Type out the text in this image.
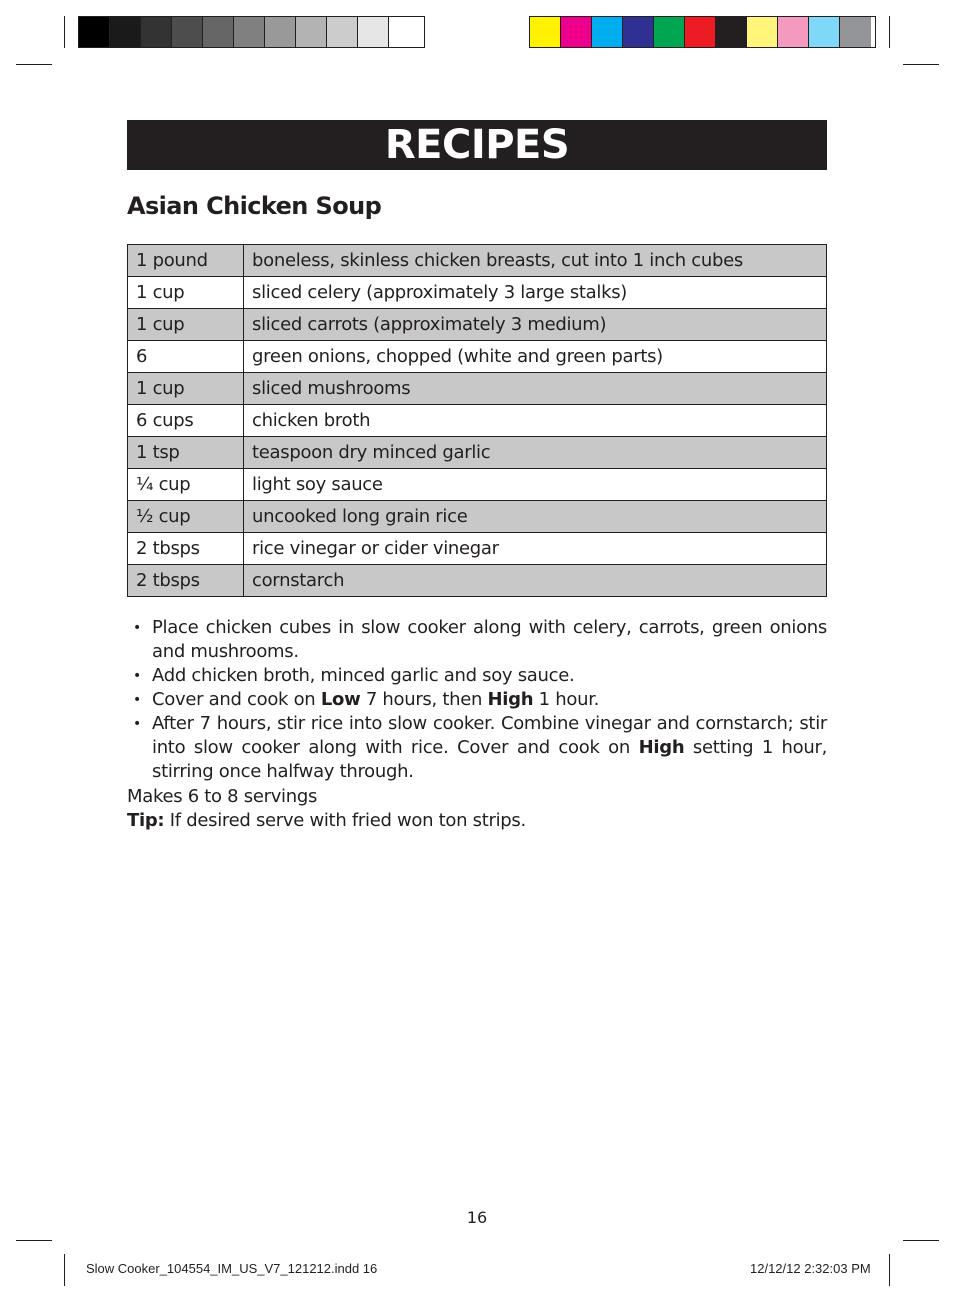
RECIPES
Asian Chicken Soup
1 pound	boneless, skinless chicken breasts, cut into 1 inch cubes
1 cup	sliced celery (approximately 3 large stalks)
1 cup	sliced carrots (approximately 3 medium)
6	green onions, chopped (white and green parts)
1 cup	sliced mushrooms
6 cups	chicken broth
1 tsp	teaspoon dry minced garlic
¼ cup	light soy sauce
½ cup	uncooked long grain rice
2 tbsps	rice vinegar or cider vinegar
2 tbsps	cornstarch
• Place chicken cubes in slow cooker along with celery, carrots, green onions and mushrooms.
• Add chicken broth, minced garlic and soy sauce.
• Cover and cook on Low 7 hours, then High 1 hour.
• After 7 hours, stir rice into slow cooker. Combine vinegar and cornstarch; stir into slow cooker along with rice. Cover and cook on High setting 1 hour, stirring once halfway through.

Makes 6 to 8 servings

Tip: If desired serve with fried won ton strips.

16
Slow Cooker_104554_IM_US_V7_121212.indd 16	12/12/12 2:32:03 PM
